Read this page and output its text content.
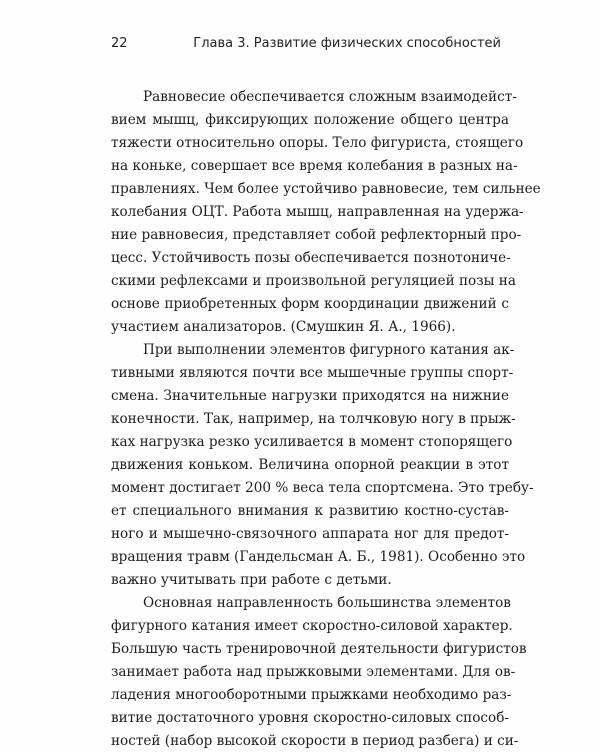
22	Глава 3. Развитие физических способностей
Равновесие обеспечивается сложным взаимодейст-
вием мышц, фиксирующих положение общего центра
тяжести относительно опоры. Тело фигуриста, стоящего
на коньке, совершает все время колебания в разных на-
правлениях. Чем более устойчиво равновесие, тем сильнее
колебания ОЦТ. Работа мышц, направленная на удержа-
ние равновесия, представляет собой рефлекторный про-
цесс. Устойчивость позы обеспечивается познотониче-
скими рефлексами и произвольной регуляцией позы на
основе приобретенных форм координации движений с
участием анализаторов. (Смушкин Я. А., 1966).
При выполнении элементов фигурного катания ак-
тивными являются почти все мышечные группы спорт-
смена. Значительные нагрузки приходятся на нижние
конечности. Так, например, на толчковую ногу в прыж-
ках нагрузка резко усиливается в момент стопорящего
движения коньком. Величина опорной реакции в этот
момент достигает 200 % веса тела спортсмена. Это требу-
ет специального внимания к развитию костно-сустав-
ного и мышечно-связочного аппарата ног для предот-
вращения травм (Гандельсман А. Б., 1981). Особенно это
важно учитывать при работе с детьми.
Основная направленность большинства элементов
фигурного катания имеет скоростно-силовой характер.
Большую часть тренировочной деятельности фигуристов
занимает работа над прыжковыми элементами. Для ов-
ладения многооборотными прыжками необходимо раз-
витие достаточного уровня скоростно-силовых способ-
ностей (набор высокой скорости в период разбега) и си-
